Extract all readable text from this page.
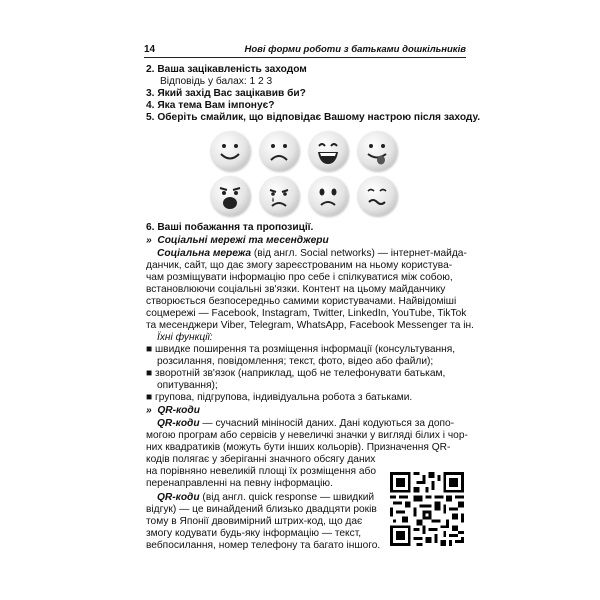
14	Нові форми роботи з батьками дошкільників
2. Ваша зацікавленість заходом
Відповідь у балах: 1 2 3
3. Який захід Вас зацікавив би?
4. Яка тема Вам імпонує?
5. Оберіть смайлик, що відповідає Вашому настрою після заходу.
6. Ваші побажання та пропозиції.
» Соціальні мережі та месенджери
Соціальна мережа (від англ. Social networks) — інтернет-майда-
данчик, сайт, що дає змогу зареєстрованим на ньому користува-
чам розміщувати інформацію про себе і спілкуватися між собою,
встановлюючи соціальні зв'язки. Контент на цьому майданчику
створюється безпосередньо самими користувачами. Найвідоміші
соцмережі — Facebook, Instagram, Twitter, LinkedIn, YouTube, TikTok
та месенджери Viber, Telegram, WhatsApp, Facebook Messenger та ін.
Їхні функції:
■ швидке поширення та розміщення інформації (консультування,
розсилання, повідомлення; текст, фото, відео або файли);
■ зворотній зв'язок (наприклад, щоб не телефонувати батькам,
опитування);
■ групова, підгрупова, індивідуальна робота з батьками.
» QR-коди
QR-коди — сучасний мініносій даних. Дані кодуються за допо-
могою програм або сервісів у невеличкі значки у вигляді білих і чор-
них квадратиків (можуть бути інших кольорів). Призначення QR-
кодів полягає у зберіганні значного обсягу даних
на порівняно невеликій площі їх розміщення або
перенаправленні на певну інформацію.
QR-коди (від англ. quick response — швидкий
відгук) — це винайдений близько двадцяти років
тому в Японії двовимірний штрих-код, що дає
змогу кодувати будь-яку інформацію — текст,
вебпосилання, номер телефону та багато іншого.
